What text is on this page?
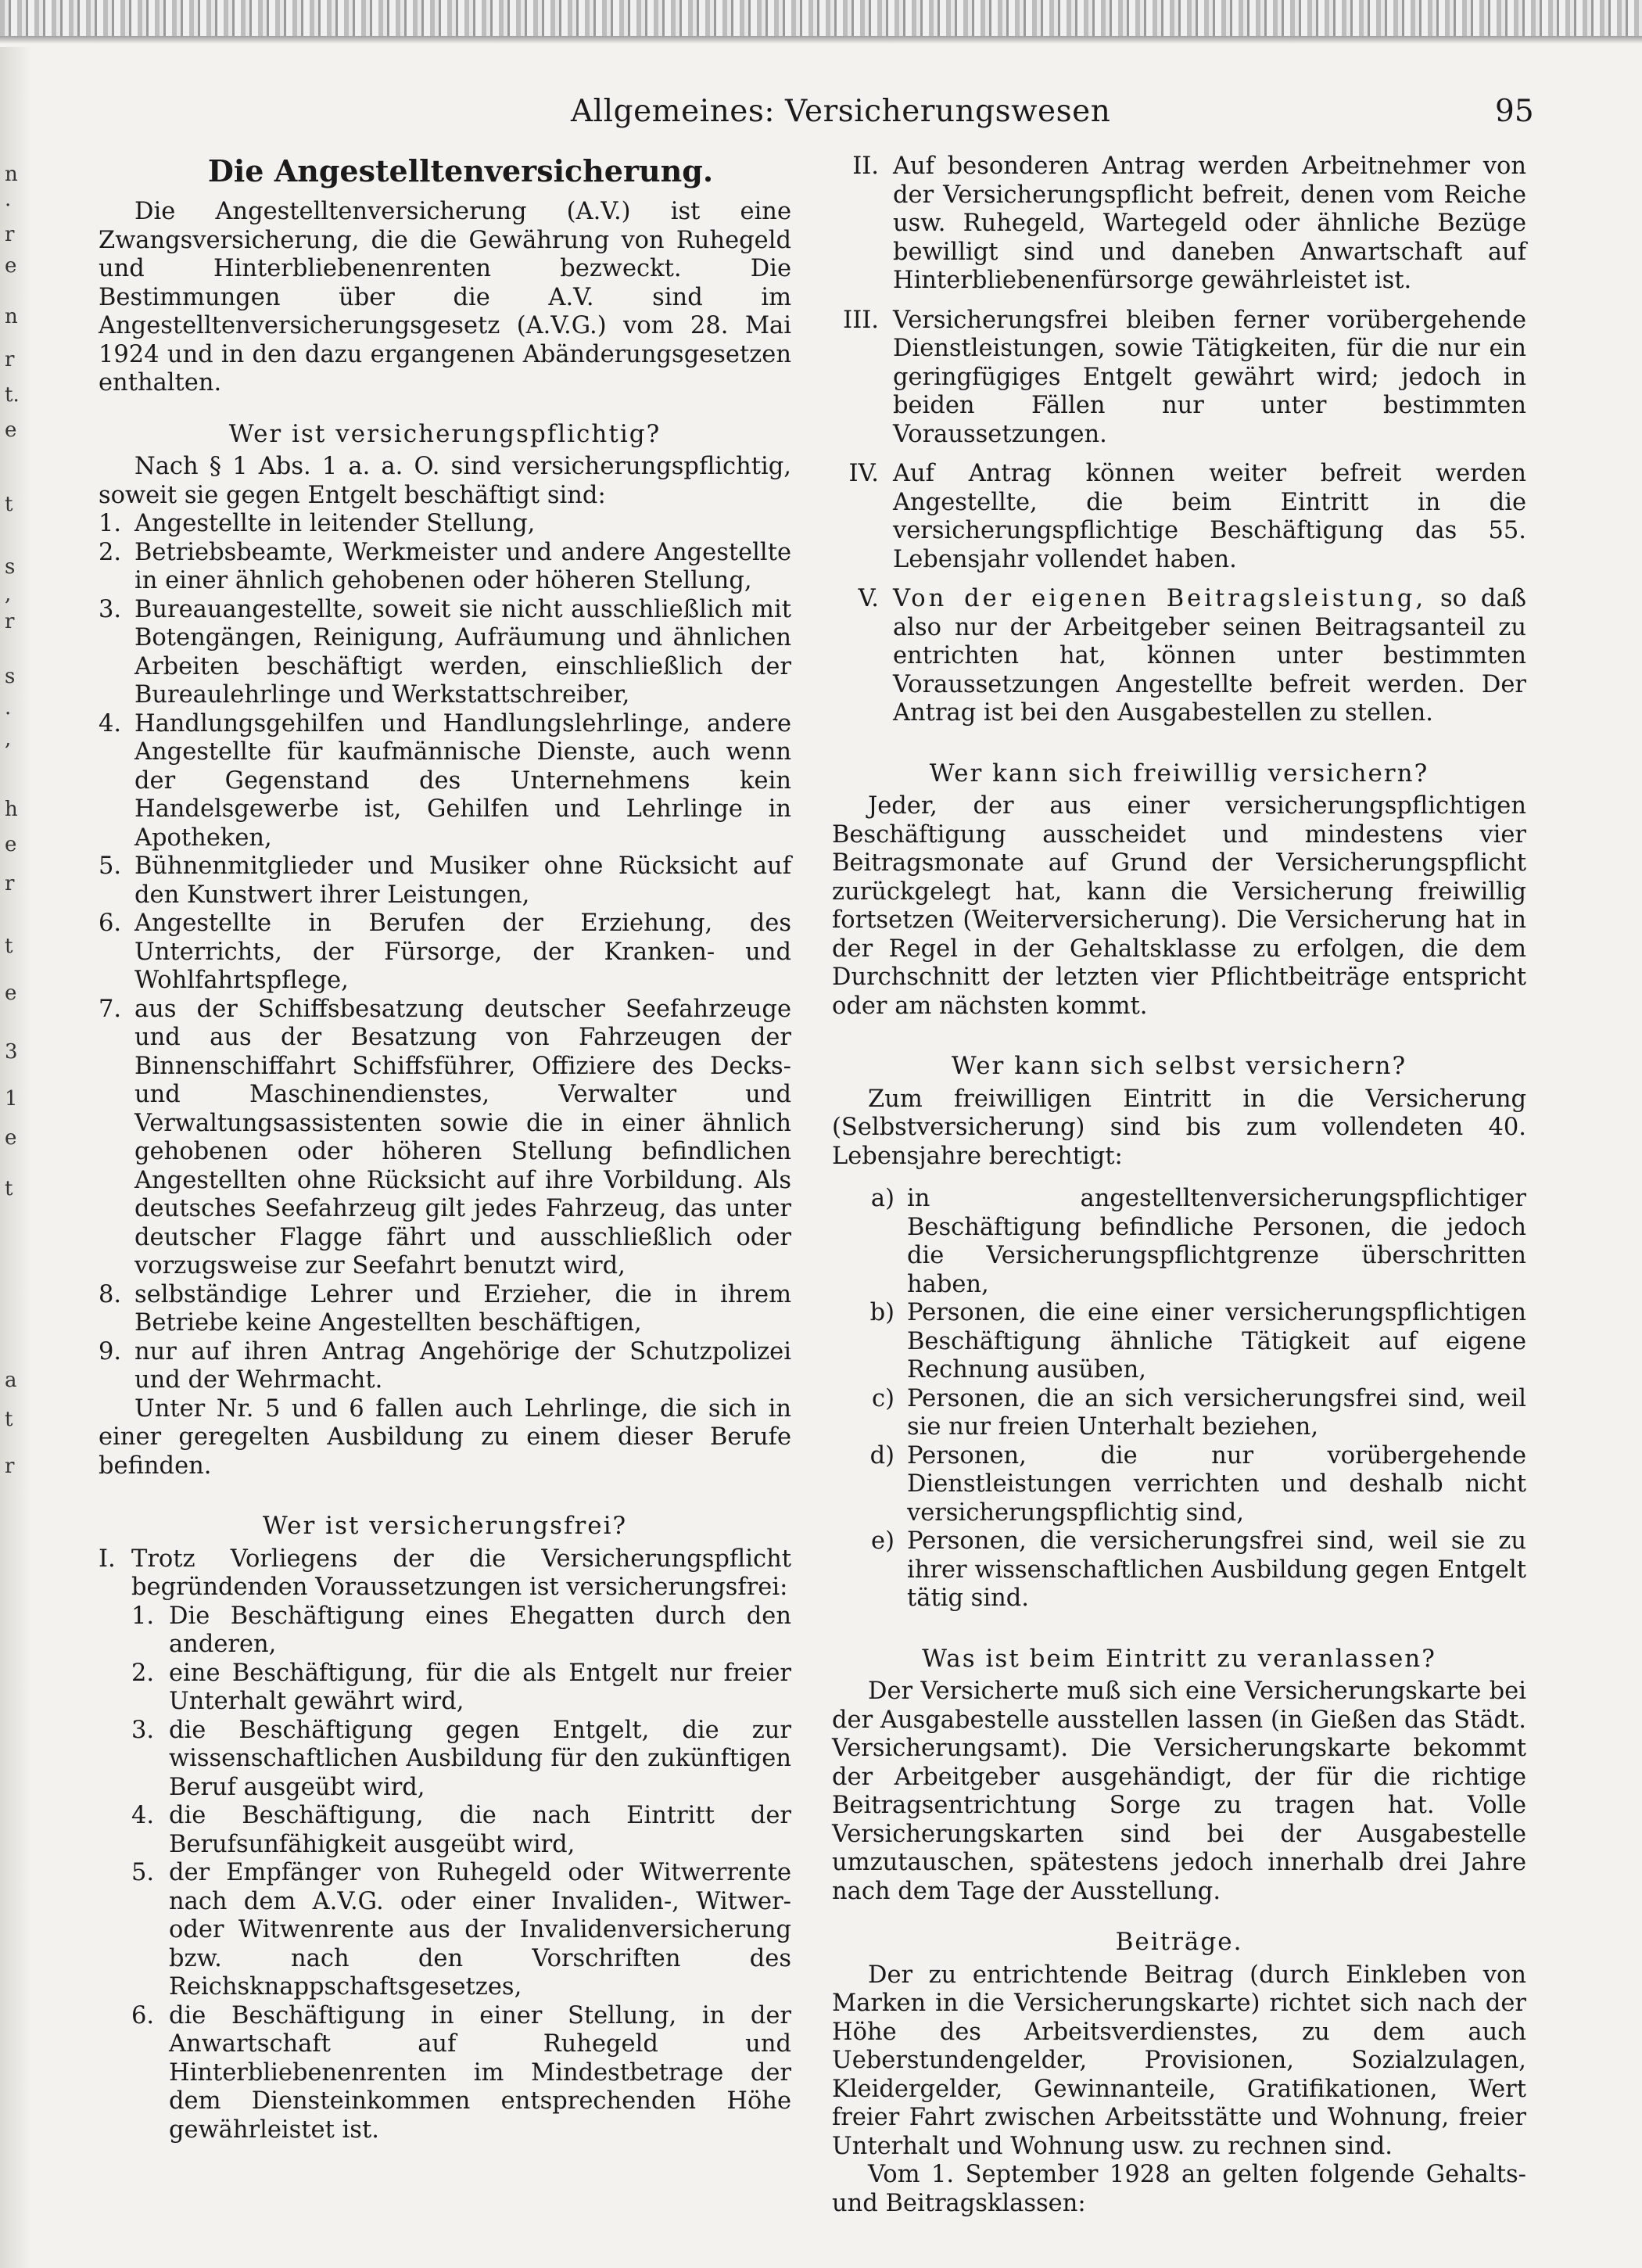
n
.
r
e
n
r
t.
e
t
s
,
r
s
.
,
h
e
r
t
e
3
1
e
t
a
t
r
Allgemeines: Versicherungswesen	95
Die Angestelltenversicherung.

Die Angestelltenversicherung (A.V.) ist eine Zwangsversicherung, die die Gewährung von Ruhegeld und Hinterbliebenenrenten bezweckt. Die Bestimmungen über die A.V. sind im Angestelltenversicherungsgesetz (A.V.G.) vom 28. Mai 1924 und in den dazu ergangenen Abänderungsgesetzen enthalten.

Wer ist versicherungspflichtig?

Nach § 1 Abs. 1 a. a. O. sind versicherungspflichtig, soweit sie gegen Entgelt beschäftigt sind:

1. Angestellte in leitender Stellung,
2. Betriebsbeamte, Werkmeister und andere Angestellte in einer ähnlich gehobenen oder höheren Stellung,
3. Bureauangestellte, soweit sie nicht ausschließlich mit Botengängen, Reinigung, Aufräumung und ähnlichen Arbeiten beschäftigt werden, einschließlich der Bureaulehrlinge und Werkstattschreiber,
4. Handlungsgehilfen und Handlungslehrlinge, andere Angestellte für kaufmännische Dienste, auch wenn der Gegenstand des Unternehmens kein Handelsgewerbe ist, Gehilfen und Lehrlinge in Apotheken,
5. Bühnenmitglieder und Musiker ohne Rücksicht auf den Kunstwert ihrer Leistungen,
6. Angestellte in Berufen der Erziehung, des Unterrichts, der Fürsorge, der Kranken- und Wohlfahrtspflege,
7. aus der Schiffsbesatzung deutscher Seefahrzeuge und aus der Besatzung von Fahrzeugen der Binnenschiffahrt Schiffsführer, Offiziere des Decks- und Maschinendienstes, Verwalter und Verwaltungsassistenten sowie die in einer ähnlich gehobenen oder höheren Stellung befindlichen Angestellten ohne Rücksicht auf ihre Vorbildung. Als deutsches Seefahrzeug gilt jedes Fahrzeug, das unter deutscher Flagge fährt und ausschließlich oder vorzugsweise zur Seefahrt benutzt wird,
8. selbständige Lehrer und Erzieher, die in ihrem Betriebe keine Angestellten beschäftigen,
9. nur auf ihren Antrag Angehörige der Schutzpolizei und der Wehrmacht.

Unter Nr. 5 und 6 fallen auch Lehrlinge, die sich in einer geregelten Ausbildung zu einem dieser Berufe befinden.

Wer ist versicherungsfrei?
I. Trotz Vorliegens der die Versicherungspflicht begründenden Voraussetzungen ist versicherungsfrei:
1. Die Beschäftigung eines Ehegatten durch den anderen,
2. eine Beschäftigung, für die als Entgelt nur freier Unterhalt gewährt wird,
3. die Beschäftigung gegen Entgelt, die zur wissenschaftlichen Ausbildung für den zukünftigen Beruf ausgeübt wird,
4. die Beschäftigung, die nach Eintritt der Berufsunfähigkeit ausgeübt wird,
5. der Empfänger von Ruhegeld oder Witwerrente nach dem A.V.G. oder einer Invaliden-, Witwer- oder Witwenrente aus der Invalidenversicherung bzw. nach den Vorschriften des Reichsknappschaftsgesetzes,
6. die Beschäftigung in einer Stellung, in der Anwartschaft auf Ruhegeld und Hinterbliebenenrenten im Mindestbetrage der dem Diensteinkommen entsprechenden Höhe gewährleistet ist.
II. Auf besonderen Antrag werden Arbeitnehmer von der Versicherungspflicht befreit, denen vom Reiche usw. Ruhegeld, Wartegeld oder ähnliche Bezüge bewilligt sind und daneben Anwartschaft auf Hinterbliebenenfürsorge gewährleistet ist.
III. Versicherungsfrei bleiben ferner vorübergehende Dienstleistungen, sowie Tätigkeiten, für die nur ein geringfügiges Entgelt gewährt wird; jedoch in beiden Fällen nur unter bestimmten Voraussetzungen.
IV. Auf Antrag können weiter befreit werden Angestellte, die beim Eintritt in die versicherungspflichtige Beschäftigung das 55. Lebensjahr vollendet haben.
V. Von der eigenen Beitragsleistung, so daß also nur der Arbeitgeber seinen Beitragsanteil zu entrichten hat, können unter bestimmten Voraussetzungen Angestellte befreit werden. Der Antrag ist bei den Ausgabestellen zu stellen.
Wer kann sich freiwillig versichern?

Jeder, der aus einer versicherungspflichtigen Beschäftigung ausscheidet und mindestens vier Beitragsmonate auf Grund der Versicherungspflicht zurückgelegt hat, kann die Versicherung freiwillig fortsetzen (Weiterversicherung). Die Versicherung hat in der Regel in der Gehaltsklasse zu erfolgen, die dem Durchschnitt der letzten vier Pflichtbeiträge entspricht oder am nächsten kommt.

Wer kann sich selbst versichern?

Zum freiwilligen Eintritt in die Versicherung (Selbstversicherung) sind bis zum vollendeten 40. Lebensjahre berechtigt:

a) in angestelltenversicherungspflichtiger Beschäftigung befindliche Personen, die jedoch die Versicherungspflichtgrenze überschritten haben,
b) Personen, die eine einer versicherungspflichtigen Beschäftigung ähnliche Tätigkeit auf eigene Rechnung ausüben,
c) Personen, die an sich versicherungsfrei sind, weil sie nur freien Unterhalt beziehen,
d) Personen, die nur vorübergehende Dienstleistungen verrichten und deshalb nicht versicherungspflichtig sind,
e) Personen, die versicherungsfrei sind, weil sie zu ihrer wissenschaftlichen Ausbildung gegen Entgelt tätig sind.
Was ist beim Eintritt zu veranlassen?

Der Versicherte muß sich eine Versicherungskarte bei der Ausgabestelle ausstellen lassen (in Gießen das Städt. Versicherungsamt). Die Versicherungskarte bekommt der Arbeitgeber ausgehändigt, der für die richtige Beitragsentrichtung Sorge zu tragen hat. Volle Versicherungskarten sind bei der Ausgabestelle umzutauschen, spätestens jedoch innerhalb drei Jahre nach dem Tage der Ausstellung.

Beiträge.

Der zu entrichtende Beitrag (durch Einkleben von Marken in die Versicherungskarte) richtet sich nach der Höhe des Arbeitsverdienstes, zu dem auch Ueberstundengelder, Provisionen, Sozialzulagen, Kleidergelder, Gewinnanteile, Gratifikationen, Wert freier Fahrt zwischen Arbeitsstätte und Wohnung, freier Unterhalt und Wohnung usw. zu rechnen sind.

Vom 1. September 1928 an gelten folgende Gehalts- und Beitragsklassen:
